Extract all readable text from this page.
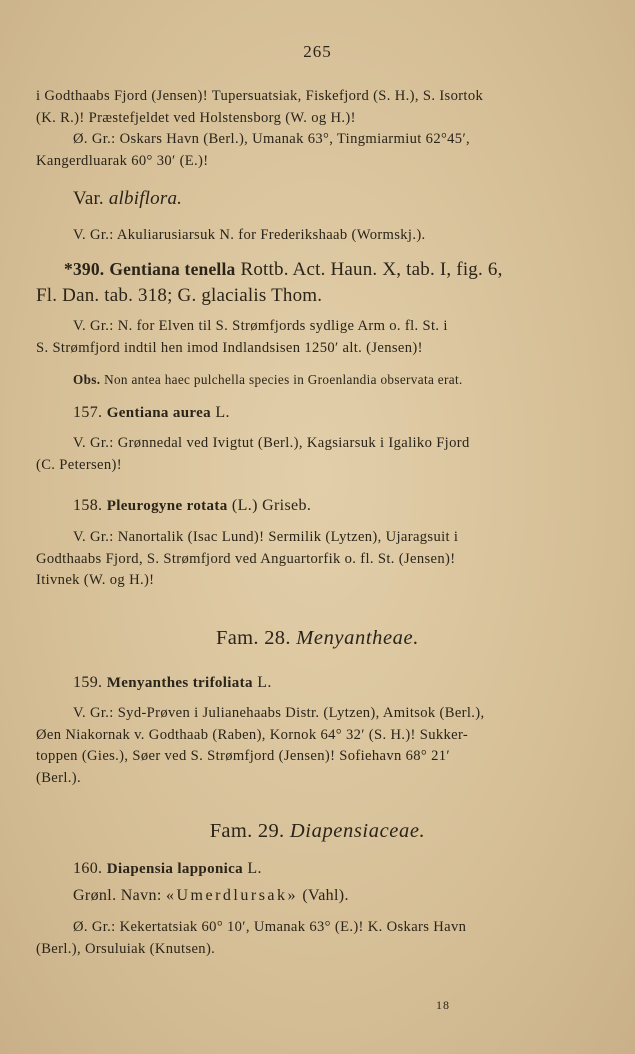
265

i Godthaabs Fjord (Jensen)! Tupersuatsiak, Fiskefjord (S. H.), S. Isortok

(K. R.)! Præstefjeldet ved Holstensborg (W. og H.)!

Ø. Gr.: Oskars Havn (Berl.), Umanak 63°, Tingmiarmiut 62°45′,

Kangerdluarak 60° 30′ (E.)!

Var. albiflora.

V. Gr.: Akuliarusiarsuk N. for Frederikshaab (Wormskj.).

*390. Gentiana tenella Rottb. Act. Haun. X, tab. I, fig. 6,

Fl. Dan. tab. 318; G. glacialis Thom.

V. Gr.: N. for Elven til S. Strømfjords sydlige Arm o. fl. St. i

S. Strømfjord indtil hen imod Indlandsisen 1250′ alt. (Jensen)!

Obs. Non antea haec pulchella species in Groenlandia observata erat.

157. Gentiana aurea L.

V. Gr.: Grønnedal ved Ivigtut (Berl.), Kagsiarsuk i Igaliko Fjord

(C. Petersen)!

158. Pleurogyne rotata (L.) Griseb.

V. Gr.: Nanortalik (Isac Lund)! Sermilik (Lytzen), Ujaragsuit i

Godthaabs Fjord, S. Strømfjord ved Anguartorfik o. fl. St. (Jensen)!

Itivnek (W. og H.)!

Fam. 28. Menyantheae.

159. Menyanthes trifoliata L.

V. Gr.: Syd-Prøven i Julianehaabs Distr. (Lytzen), Amitsok (Berl.),

Øen Niakornak v. Godthaab (Raben), Kornok 64° 32′ (S. H.)! Sukker-

toppen (Gies.), Søer ved S. Strømfjord (Jensen)! Sofiehavn 68° 21′

(Berl.).

Fam. 29. Diapensiaceae.

160. Diapensia lapponica L.

Grønl. Navn: «Umerdlursak» (Vahl).

Ø. Gr.: Kekertatsiak 60° 10′, Umanak 63° (E.)! K. Oskars Havn

(Berl.), Orsuluiak (Knutsen).

18
